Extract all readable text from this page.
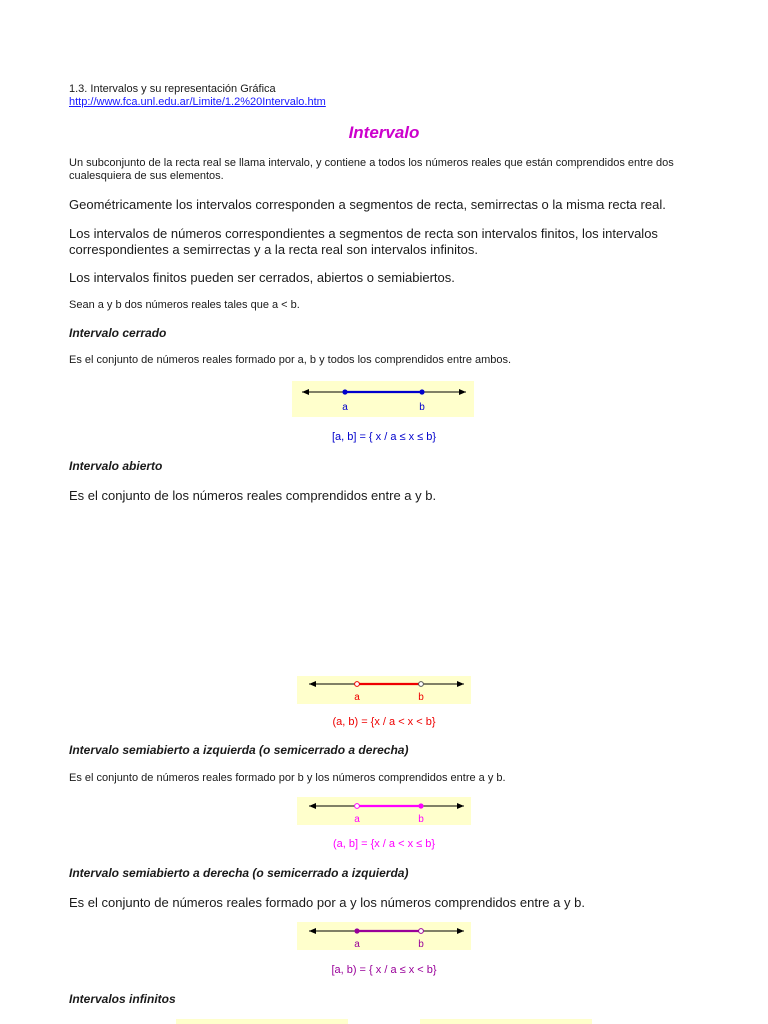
1.3. Intervalos y su representación Gráfica
http://www.fca.unl.edu.ar/Limite/1.2%20Intervalo.htm
Intervalo
Un subconjunto de la recta real se llama intervalo, y contiene a todos los números reales que están comprendidos entre dos cualesquiera de sus elementos.
Geométricamente los intervalos corresponden a segmentos de recta, semirrectas o la misma recta real.
Los intervalos de números correspondientes a segmentos de recta son intervalos finitos, los intervalos correspondientes a semirrectas y a la recta real son intervalos infinitos.
Los intervalos finitos pueden ser cerrados, abiertos o semiabiertos.
Sean a y b dos números reales tales que a < b.
Intervalo cerrado
Es el conjunto de números reales formado por a, b y todos los comprendidos entre ambos.
a	b
[a, b] = { x / a ≤ x ≤ b}
Intervalo abierto
Es el conjunto de los números reales comprendidos entre a y b.
a	b
(a, b) = {x / a < x < b}
Intervalo semiabierto a izquierda (o semicerrado a derecha)
Es el conjunto de números reales formado por b y los números comprendidos entre a y b.
a	b
(a, b] = {x / a < x ≤ b}
Intervalo semiabierto a derecha (o semicerrado a izquierda)
Es el conjunto de números reales formado por a y los números comprendidos entre a y b.
a	b
[a, b) = { x / a ≤ x < b}
Intervalos infinitos
